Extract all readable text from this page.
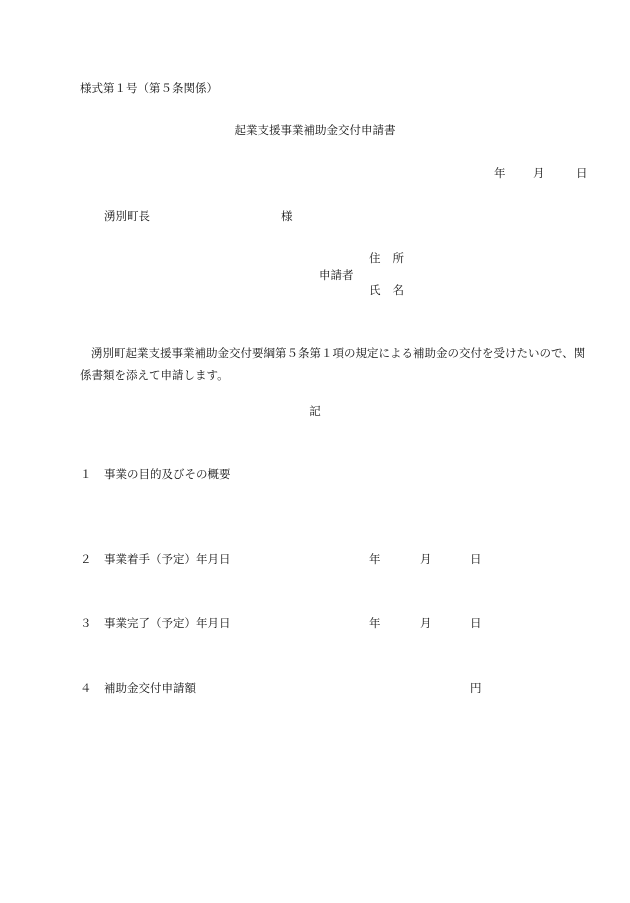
様式第１号（第５条関係）
起業支援事業補助金交付申請書
年 月	日
湧別町長	様
申請者
住所
氏名
湧別町起業支援事業補助金交付要綱第５条第１項の規定による補助金の交付を受けたいので、関係書類を添えて申請します。
記
１ 事業の目的及びその概要
２ 事業着手（予定）年月日	年	月	日
３ 事業完了（予定）年月日	年	月	日
４ 補助金交付申請額	円
